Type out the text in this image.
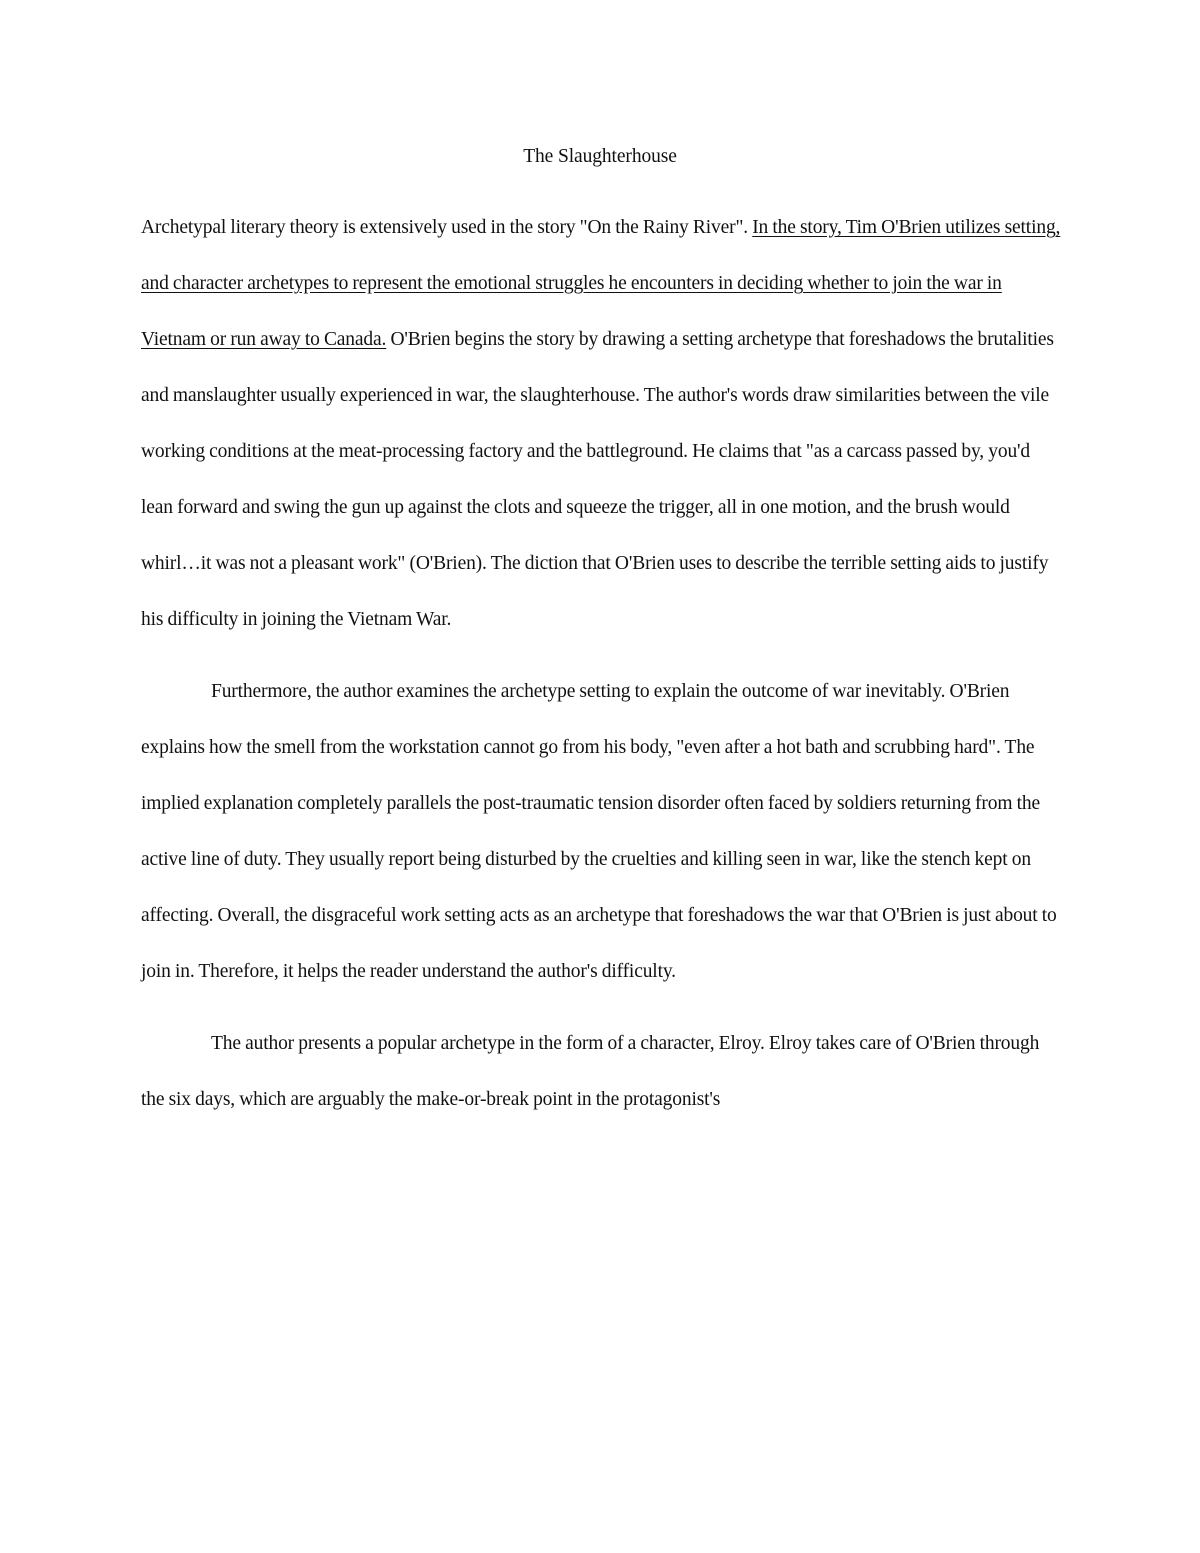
The Slaughterhouse

Archetypal literary theory is extensively used in the story "On the Rainy River". In the story, Tim O'Brien utilizes setting, and character archetypes to represent the emotional struggles he encounters in deciding whether to join the war in Vietnam or run away to Canada. O'Brien begins the story by drawing a setting archetype that foreshadows the brutalities and manslaughter usually experienced in war, the slaughterhouse. The author's words draw similarities between the vile working conditions at the meat-processing factory and the battleground. He claims that "as a carcass passed by, you'd lean forward and swing the gun up against the clots and squeeze the trigger, all in one motion, and the brush would whirl…it was not a pleasant work" (O'Brien). The diction that O'Brien uses to describe the terrible setting aids to justify his difficulty in joining the Vietnam War.

Furthermore, the author examines the archetype setting to explain the outcome of war inevitably. O'Brien explains how the smell from the workstation cannot go from his body, "even after a hot bath and scrubbing hard". The implied explanation completely parallels the post-traumatic tension disorder often faced by soldiers returning from the active line of duty. They usually report being disturbed by the cruelties and killing seen in war, like the stench kept on affecting. Overall, the disgraceful work setting acts as an archetype that foreshadows the war that O'Brien is just about to join in. Therefore, it helps the reader understand the author's difficulty.

The author presents a popular archetype in the form of a character, Elroy. Elroy takes care of O'Brien through the six days, which are arguably the make-or-break point in the protagonist's
